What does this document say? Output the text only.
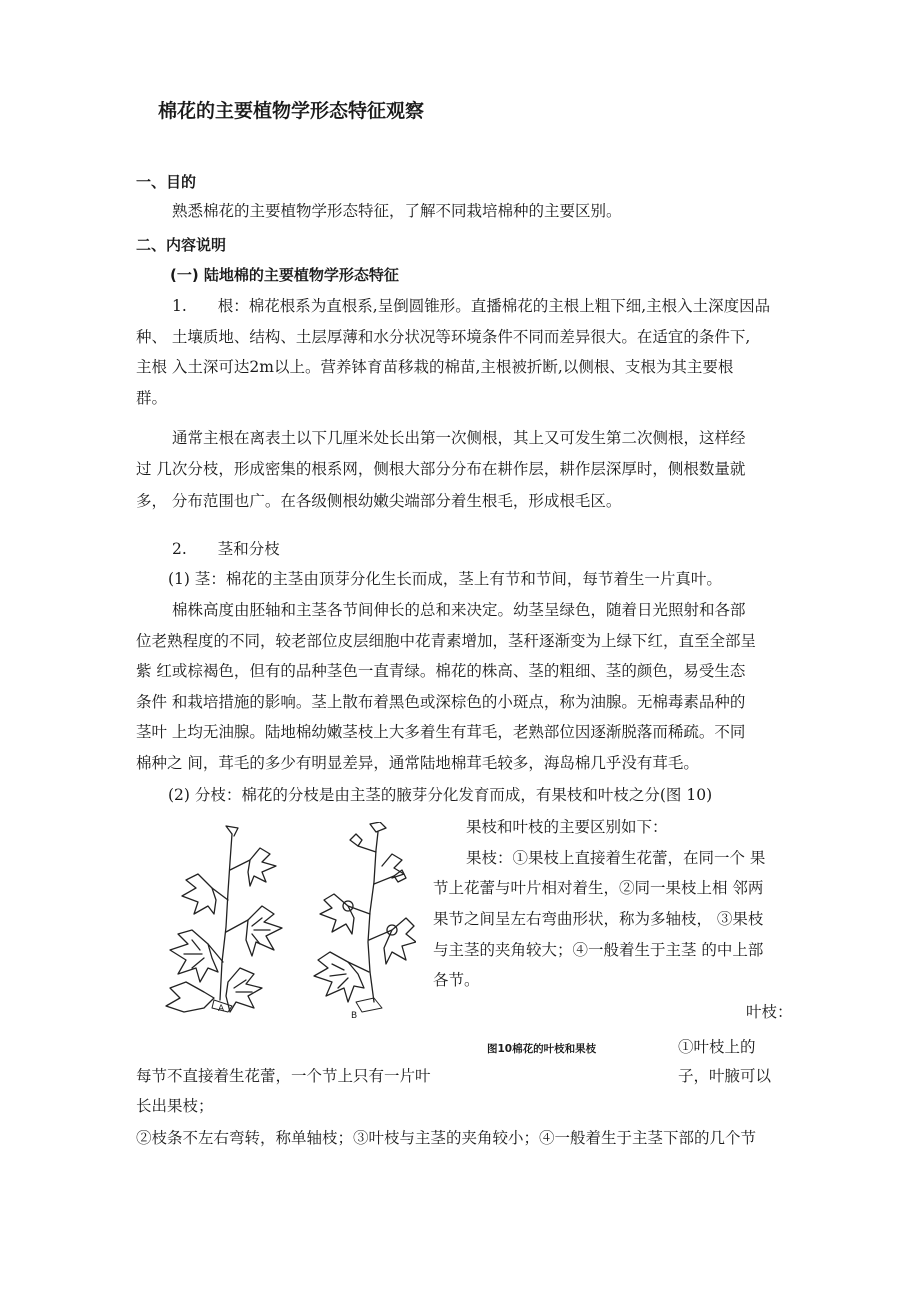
棉花的主要植物学形态特征观察
一、目的
熟悉棉花的主要植物学形态特征，了解不同栽培棉种的主要区别。
二、内容说明
(一) 陆地棉的主要植物学形态特征
1.　　根：棉花根系为直根系,呈倒圆锥形。直播棉花的主根上粗下细,主根入土深度因品
种、 土壤质地、结构、土层厚薄和水分状况等环境条件不同而差异很大。在适宜的条件下,
主根 入土深可达2m以上。营养钵育苗移栽的棉苗,主根被折断,以侧根、支根为其主要根
群。
通常主根在离表土以下几厘米处长出第一次侧根，其上又可发生第二次侧根，这样经
过 几次分枝，形成密集的根系网，侧根大部分分布在耕作层，耕作层深厚时，侧根数量就
多， 分布范围也广。在各级侧根幼嫩尖端部分着生根毛，形成根毛区。
2.　　茎和分枝
(1) 茎：棉花的主茎由顶芽分化生长而成，茎上有节和节间，每节着生一片真叶。
棉株高度由胚轴和主茎各节间伸长的总和来决定。幼茎呈绿色，随着日光照射和各部
位老熟程度的不同，较老部位皮层细胞中花青素增加，茎秆逐渐变为上绿下红，直至全部呈
紫 红或棕褐色，但有的品种茎色一直青绿。棉花的株高、茎的粗细、茎的颜色，易受生态
条件 和栽培措施的影响。茎上散布着黑色或深棕色的小斑点，称为油腺。无棉毒素品种的
茎叶 上均无油腺。陆地棉幼嫩茎枝上大多着生有茸毛，老熟部位因逐渐脱落而稀疏。不同
棉种之 间，茸毛的多少有明显差异，通常陆地棉茸毛较多，海岛棉几乎没有茸毛。
(2) 分枝：棉花的分枝是由主茎的腋芽分化发育而成，有果枝和叶枝之分(图 10)
A
B
果枝和叶枝的主要区别如下：
果枝：①果枝上直接着生花蕾，在同一个 果
节上花蕾与叶片相对着生，②同一果枝上相 邻两
果节之间呈左右弯曲形状，称为多轴枝， ③果枝
与主茎的夹角较大；④一般着生于主茎 的中上部
各节。
叶枝：
图10棉花的叶枝和果枝	①叶枝上的
每节不直接着生花蕾，一个节上只有一片叶	子，叶腋可以
长出果枝；
②枝条不左右弯转，称单轴枝；③叶枝与主茎的夹角较小；④一般着生于主茎下部的几个节
